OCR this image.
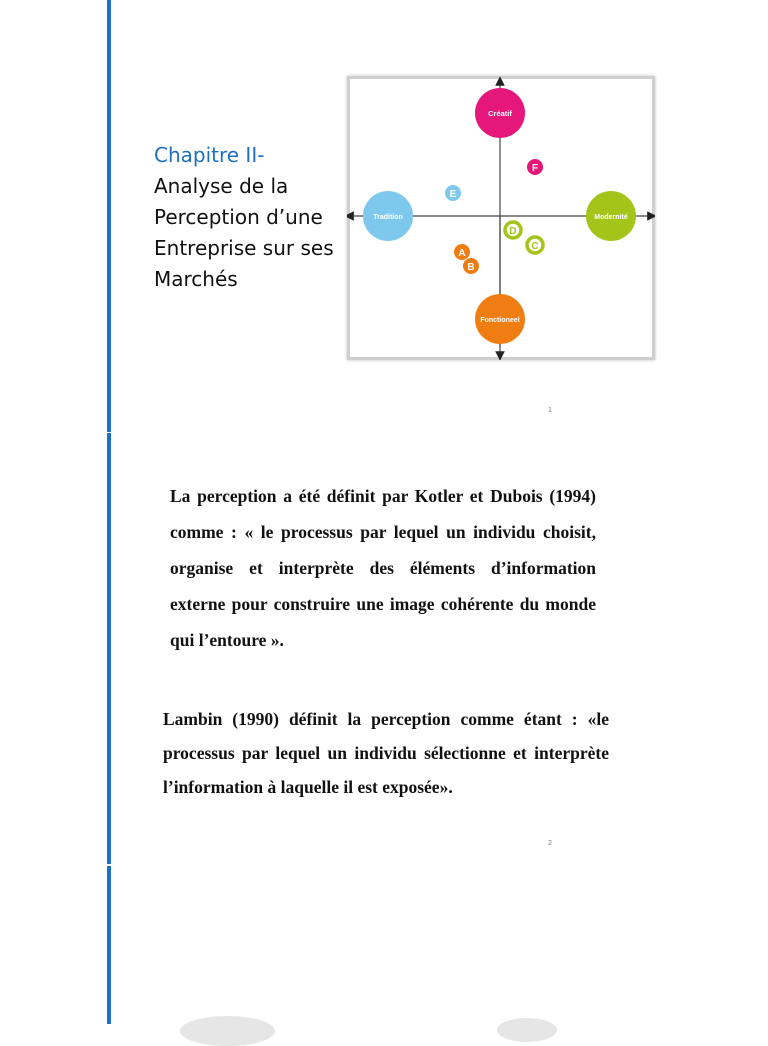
Chapitre II-
Analyse de la Perception d’une Entreprise sur ses Marchés
Créatif
Fonctioneel
Tradition	Modernité
A
B
C
D
E
F
1

La perception a été définit par Kotler et Dubois (1994) comme : « le processus par lequel un individu choisit, organise et interprète des éléments d’information externe pour construire une image cohérente du monde qui l’entoure ».

Lambin (1990) définit la perception comme étant : «le processus par lequel un individu sélectionne et interprète l’information à laquelle il est exposée».

2
